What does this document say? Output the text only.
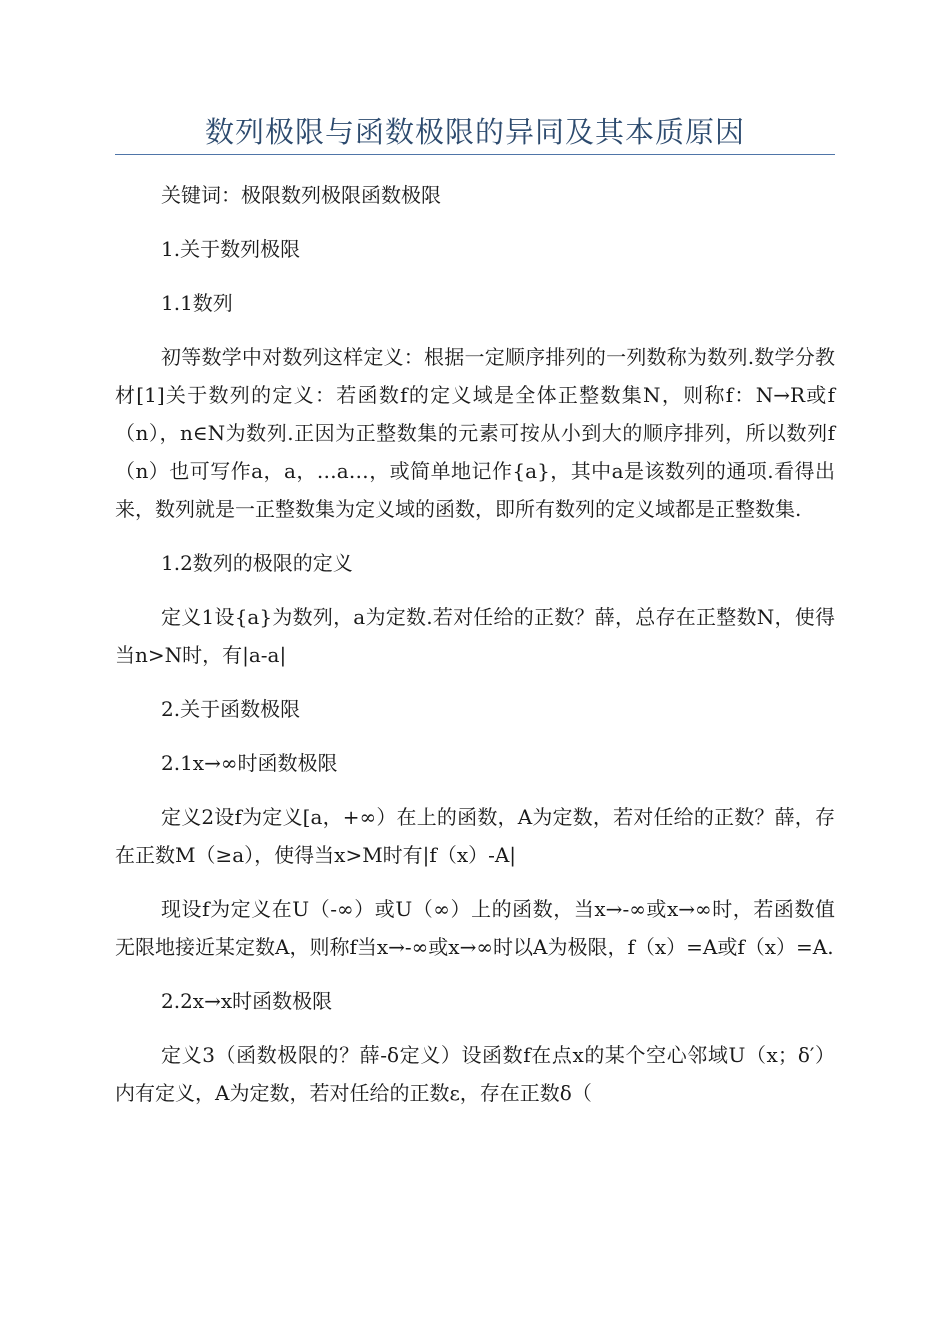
数列极限与函数极限的异同及其本质原因

关键词：极限数列极限函数极限

1.关于数列极限

1.1数列

初等数学中对数列这样定义：根据一定顺序排列的一列数称为数列.数学分教材[1]关于数列的定义：若函数f的定义域是全体正整数集N，则称f：N→R或f（n），n∈N为数列.正因为正整数集的元素可按从小到大的顺序排列，所以数列f（n）也可写作a，a，…a…，或简单地记作{a}，其中a是该数列的通项.看得出来，数列就是一正整数集为定义域的函数，即所有数列的定义域都是正整数集.

1.2数列的极限的定义

定义1设{a}为数列，a为定数.若对任给的正数？薛，总存在正整数N，使得当n>N时，有|a-a|

2.关于函数极限

2.1x→∞时函数极限

定义2设f为定义[a，+∞）在上的函数，A为定数，若对任给的正数？薛，存在正数M（≥a），使得当x>M时有|f（x）-A|

现设f为定义在U（-∞）或U（∞）上的函数，当x→-∞或x→∞时，若函数值无限地接近某定数A，则称f当x→-∞或x→∞时以A为极限，f（x）=A或f（x）=A.

2.2x→x时函数极限

定义3（函数极限的？薛-δ定义）设函数f在点x的某个空心邻域U（x；δ′）内有定义，A为定数，若对任给的正数ε，存在正数δ（
